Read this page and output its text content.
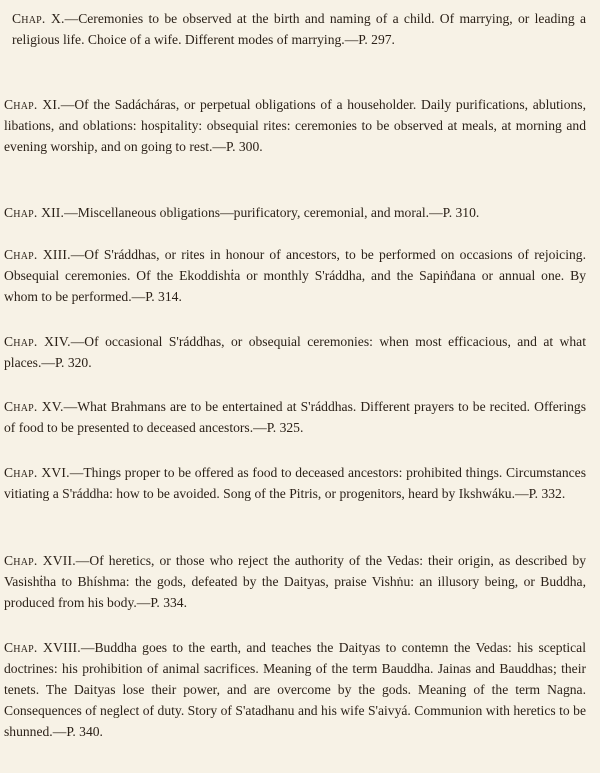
Chap. X.—Ceremonies to be observed at the birth and naming of a child. Of marrying, or leading a religious life. Choice of a wife. Different modes of marrying.—P. 297.

Chap. XI.—Of the Sadácháras, or perpetual obligations of a householder. Daily purifications, ablutions, libations, and oblations: hospitality: obsequial rites: ceremonies to be observed at meals, at morning and evening worship, and on going to rest.—P. 300.

Chap. XII.—Miscellaneous obligations—purificatory, ceremonial, and moral.—P. 310.

Chap. XIII.—Of S'ráddhas, or rites in honour of ancestors, to be performed on occasions of rejoicing. Obsequial ceremonies. Of the Ekoddishṫa or monthly S'ráddha, and the Sapiṅḋana or annual one. By whom to be performed.—P. 314.

Chap. XIV.—Of occasional S'ráddhas, or obsequial ceremonies: when most efficacious, and at what places.—P. 320.

Chap. XV.—What Brahmans are to be entertained at S'ráddhas. Different prayers to be recited. Offerings of food to be presented to deceased ancestors.—P. 325.

Chap. XVI.—Things proper to be offered as food to deceased ancestors: prohibited things. Circumstances vitiating a S'ráddha: how to be avoided. Song of the Pitris, or progenitors, heard by Ikshwáku.—P. 332.

Chap. XVII.—Of heretics, or those who reject the authority of the Vedas: their origin, as described by Vasishṫha to Bhíshma: the gods, defeated by the Daityas, praise Vishṅu: an illusory being, or Buddha, produced from his body.—P. 334.

Chap. XVIII.—Buddha goes to the earth, and teaches the Daityas to contemn the Vedas: his sceptical doctrines: his prohibition of animal sacrifices. Meaning of the term Bauddha. Jainas and Bauddhas; their tenets. The Daityas lose their power, and are overcome by the gods. Meaning of the term Nagna. Consequences of neglect of duty. Story of S'atadhanu and his wife S'aivyá. Communion with heretics to be shunned.—P. 340.
